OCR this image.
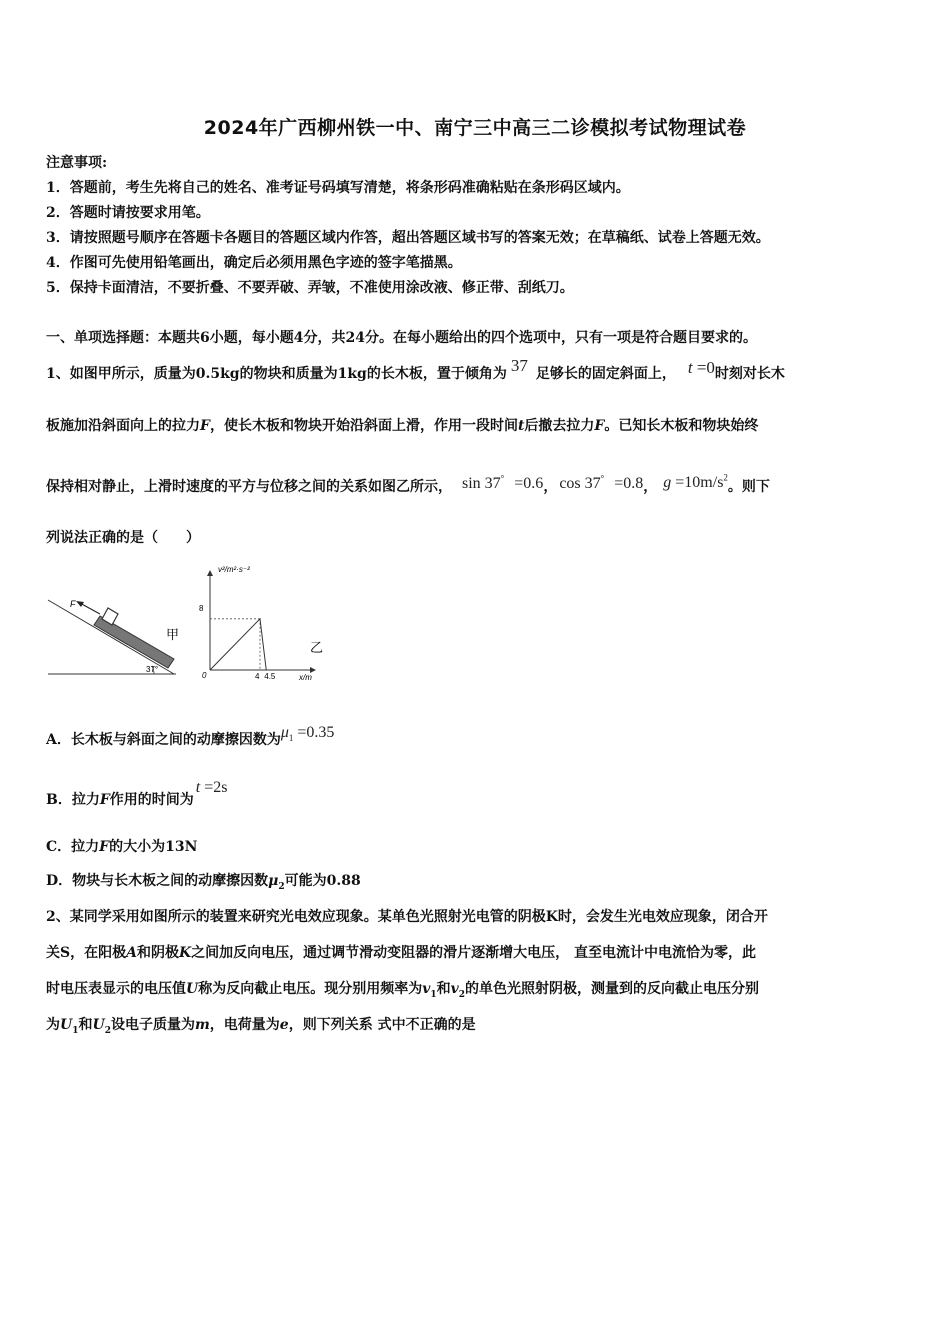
2024年广西柳州铁一中、南宁三中高三二诊模拟考试物理试卷
注意事项:
1．答题前，考生先将自己的姓名、准考证号码填写清楚，将条形码准确粘贴在条形码区域内。
2．答题时请按要求用笔。
3．请按照题号顺序在答题卡各题目的答题区域内作答，超出答题区域书写的答案无效；在草稿纸、试卷上答题无效。
4．作图可先使用铅笔画出，确定后必须用黑色字迹的签字笔描黑。
5．保持卡面清洁，不要折叠、不要弄破、弄皱，不准使用涂改液、修正带、刮纸刀。
一、单项选择题：本题共6小题，每小题4分，共24分。在每小题给出的四个选项中，只有一项是符合题目要求的。
1、如图甲所示，质量为0.5kg的物块和质量为1kg的长木板，置于倾角为 37 足够长的固定斜面上， t =0时刻对长木
板施加沿斜面向上的拉力F，使长木板和物块开始沿斜面上滑，作用一段时间t后撤去拉力F。已知长木板和物块始终
保持相对静止，上滑时速度的平方与位移之间的关系如图乙所示， sin 37° =0.6， cos 37° =0.8， $g =10m/s^2$。则下
列说法正确的是（　　）
F
37°
甲
v²/m²·s⁻²
x/m
0
8
4 4.5
乙
A．长木板与斜面之间的动摩擦因数为$\mu_1 =0.35$
B．拉力F作用的时间为t =2s
C．拉力F的大小为13N
D．物块与长木板之间的动摩擦因数$\mu_2$可能为0.88
2、某同学采用如图所示的装置来研究光电效应现象。某单色光照射光电管的阴极K时，会发生光电效应现象，闭合开
关S，在阳极A和阴极K之间加反向电压，通过调节滑动变阻器的滑片逐渐增大电压， 直至电流计中电流恰为零，此
时电压表显示的电压值U称为反向截止电压。现分别用频率为$v_1$和$v_2$的单色光照射阴极，测量到的反向截止电压分别
为$U_1$和$U_2$设电子质量为m，电荷量为e，则下列关系 式中不正确的是
